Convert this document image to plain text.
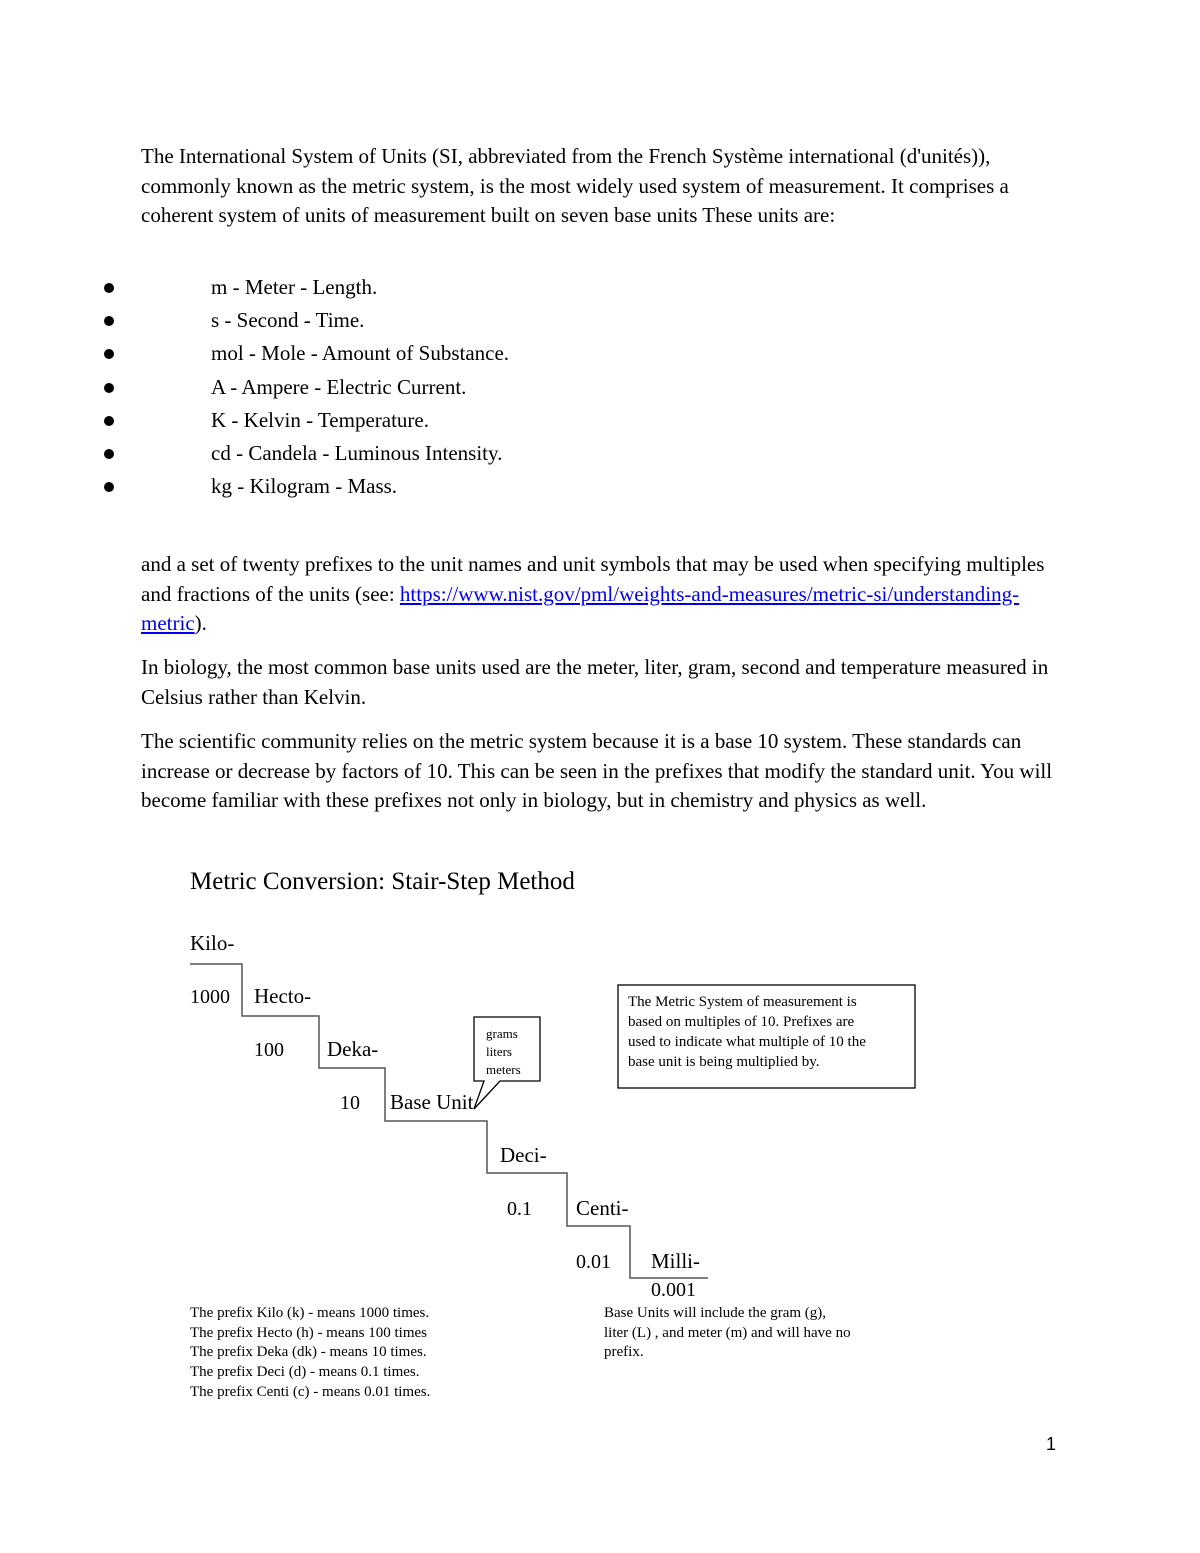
The International System of Units (SI, abbreviated from the French Système international (d'unités)), commonly known as the metric system, is the most widely used system of measurement. It comprises a coherent system of units of measurement built on seven base units These units are:

m - Meter - Length.
s - Second - Time.
mol - Mole - Amount of Substance.
A - Ampere - Electric Current.
K - Kelvin - Temperature.
cd - Candela - Luminous Intensity.
kg - Kilogram - Mass.

and a set of twenty prefixes to the unit names and unit symbols that may be used when specifying multiples and fractions of the units (see: https://www.nist.gov/pml/weights-and-measures/metric-si/understanding-metric).

In biology, the most common base units used are the meter, liter, gram, second and temperature measured in Celsius rather than Kelvin.

The scientific community relies on the metric system because it is a base 10 system. These standards can increase or decrease by factors of 10. This can be seen in the prefixes that modify the standard unit. You will become familiar with these prefixes not only in biology, but in chemistry and physics as well.

Metric Conversion: Stair-Step Method
Kilo-
Hecto-
Deka-
Base Unit
Deci-
Centi-
Milli-
1000
100
10
0.1
0.01
0.001
grams
liters
meters
The Metric System of measurement is
based on multiples of 10. Prefixes are
used to indicate what multiple of 10 the
base unit is being multiplied by.
The prefix Kilo (k) - means 1000 times.
The prefix Hecto (h) - means 100 times
The prefix Deka (dk) - means 10 times.
The prefix Deci (d) - means 0.1 times.
The prefix Centi (c) - means 0.01 times.
Base Units will include the gram (g),
liter (L) , and meter (m) and will have no
prefix.
1
